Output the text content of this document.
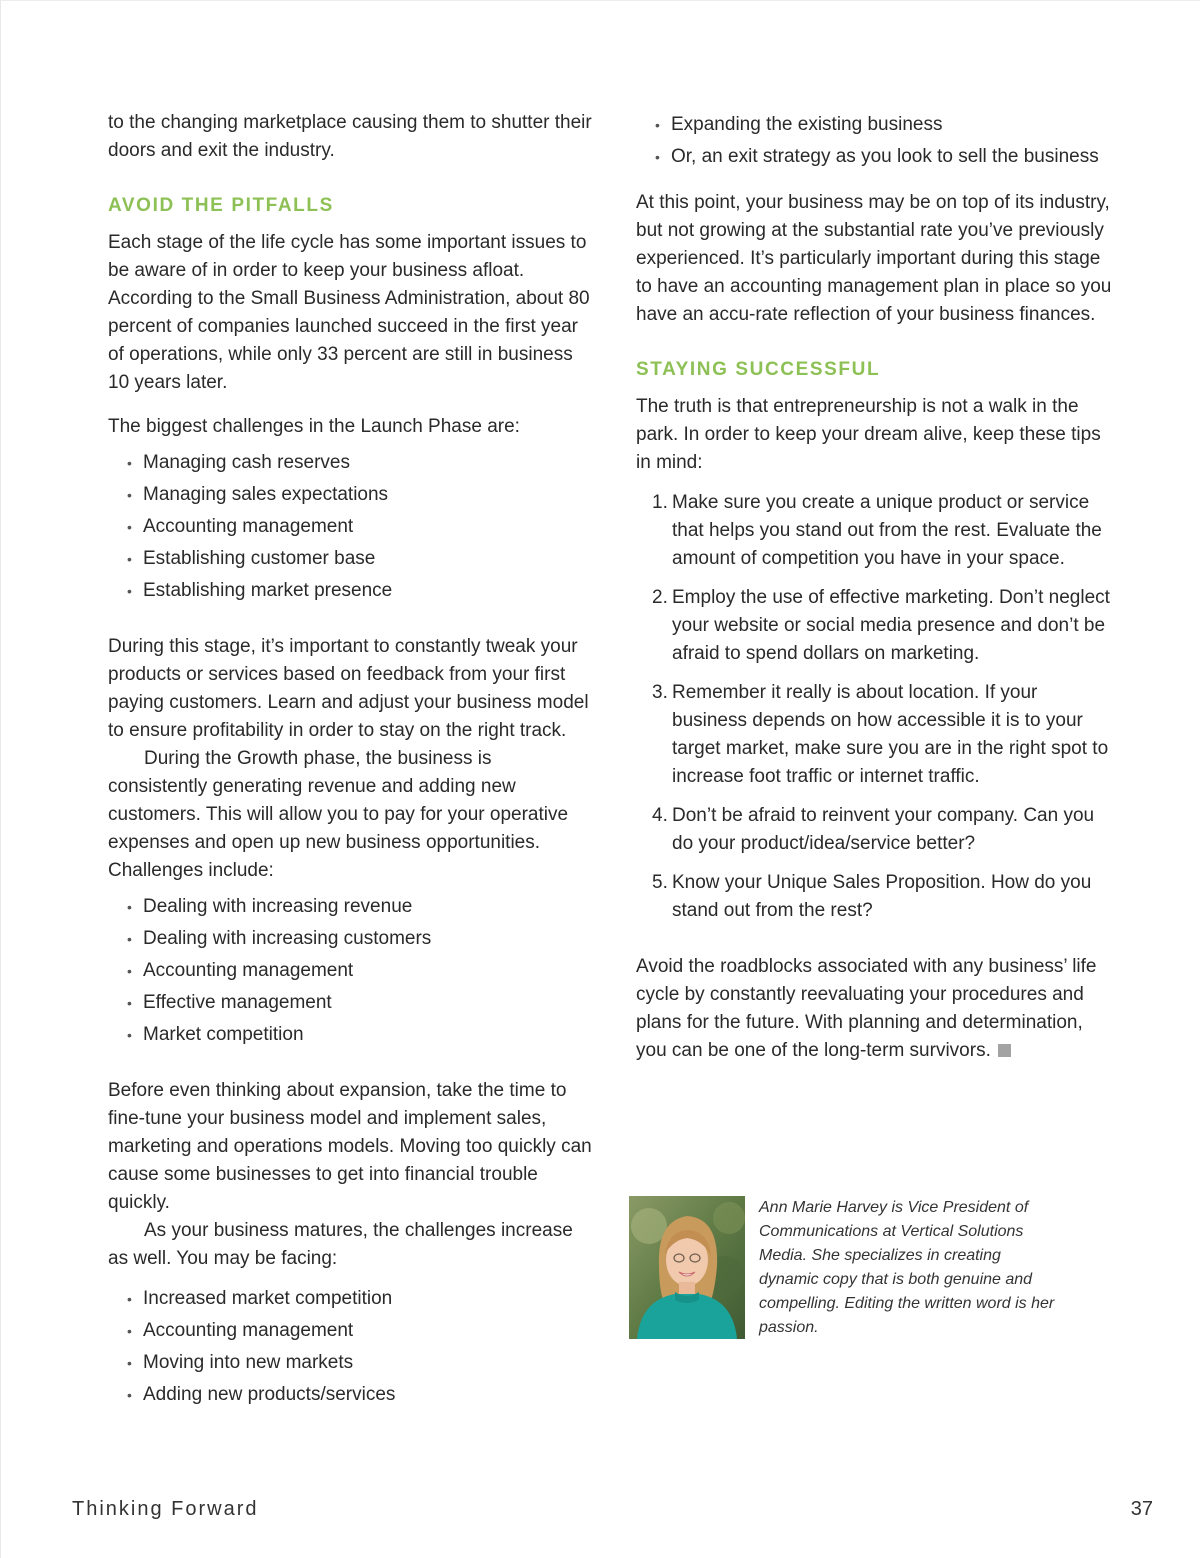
to the changing marketplace causing them to shutter their doors and exit the industry.

AVOID THE PITFALLS

Each stage of the life cycle has some important issues to be aware of in order to keep your business afloat. According to the Small Business Administration, about 80 percent of companies launched succeed in the first year of operations, while only 33 percent are still in business 10 years later.

The biggest challenges in the Launch Phase are:

• Managing cash reserves
• Managing sales expectations
• Accounting management
• Establishing customer base
• Establishing market presence

During this stage, it’s important to constantly tweak your products or services based on feedback from your first paying customers. Learn and adjust your business model to ensure profitability in order to stay on the right track.

During the Growth phase, the business is consistently generating revenue and adding new customers. This will allow you to pay for your operative expenses and open up new business opportunities. Challenges include:

• Dealing with increasing revenue
• Dealing with increasing customers
• Accounting management
• Effective management
• Market competition

Before even thinking about expansion, take the time to fine-tune your business model and implement sales, marketing and operations models. Moving too quickly can cause some businesses to get into financial trouble quickly.

As your business matures, the challenges increase as well. You may be facing:

• Increased market competition
• Accounting management
• Moving into new markets
• Adding new products/services
• Expanding the existing business
• Or, an exit strategy as you look to sell the business

At this point, your business may be on top of its industry, but not growing at the substantial rate you’ve previously experienced. It’s particularly important during this stage to have an accounting management plan in place so you have an accu-rate reflection of your business finances.

STAYING SUCCESSFUL

The truth is that entrepreneurship is not a walk in the park. In order to keep your dream alive, keep these tips in mind:

1. Make sure you create a unique product or service that helps you stand out from the rest. Evaluate the amount of competition you have in your space.
2. Employ the use of effective marketing. Don’t neglect your website or social media presence and don’t be afraid to spend dollars on marketing.
3. Remember it really is about location. If your business depends on how accessible it is to your target market, make sure you are in the right spot to increase foot traffic or internet traffic.
4. Don’t be afraid to reinvent your company. Can you do your product/idea/service better?
5. Know your Unique Sales Proposition. How do you stand out from the rest?

Avoid the roadblocks associated with any business’ life cycle by constantly reevaluating your procedures and plans for the future. With planning and determination, you can be one of the long-term survivors.

Ann Marie Harvey is Vice President of Communications at Vertical Solutions Media. She specializes in creating dynamic copy that is both genuine and compelling. Editing the written word is her passion.
Thinking Forward	37
